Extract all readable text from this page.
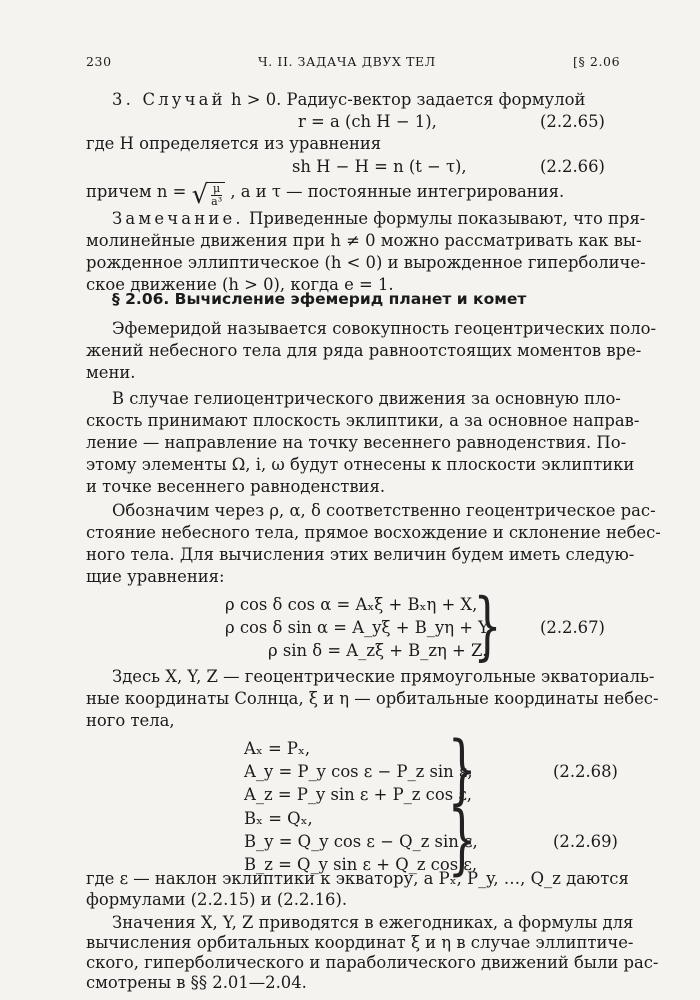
230	Ч. II. ЗАДАЧА ДВУХ ТЕЛ	[§ 2.06
3. Случай h > 0. Радиус-вектор задается формулой
r = a (ch H − 1),	(2.2.65)
где H определяется из уравнения
sh H − H = n (t − τ),	(2.2.66)
причем n = √ $\frac{\mu}{\text{a³}}$ , a и τ — постоянные интегрирования.
Замечание. Приведенные формулы показывают, что пря-
молинейные движения при h ≠ 0 можно рассматривать как вы-
рожденное эллиптическое (h < 0) и вырожденное гиперболиче-
ское движение (h > 0), когда e = 1.
§ 2.06. Вычисление эфемерид планет и комет
Эфемеридой называется совокупность геоцентрических поло-
жений небесного тела для ряда равноотстоящих моментов вре-
мени.
В случае гелиоцентрического движения за основную пло-
скость принимают плоскость эклиптики, а за основное направ-
ление — направление на точку весеннего равноденствия. По-
этому элементы Ω, i, ω будут отнесены к плоскости эклиптики
и точке весеннего равноденствия.
Обозначим через ρ, α, δ соответственно геоцентрическое рас-
стояние небесного тела, прямое восхождение и склонение небес-
ного тела. Для вычисления этих величин будем иметь следую-
щие уравнения:
ρ cos δ cos α = Aₓξ + Bₓη + X,
ρ cos δ sin α = A_yξ + B_yη + Y,
ρ sin δ = A_zξ + B_zη + Z.
} (2.2.67)
Здесь X, Y, Z — геоцентрические прямоугольные экваториаль-
ные координаты Солнца, ξ и η — орбитальные координаты небес-
ного тела,
Aₓ = Pₓ,
A_y = P_y cos ε − P_z sin ε,
A_z = P_y sin ε + P_z cos ε,
}	(2.2.68)
Bₓ = Qₓ,
B_y = Q_y cos ε − Q_z sin ε,
B_z = Q_y sin ε + Q_z cos ε,
}	(2.2.69)
где ε — наклон эклиптики к экватору, а Pₓ, P_y, …, Q_z даются
формулами (2.2.15) и (2.2.16).
Значения X, Y, Z приводятся в ежегодниках, а формулы для
вычисления орбитальных координат ξ и η в случае эллиптиче-
ского, гиперболического и параболического движений были рас-
смотрены в §§ 2.01—2.04.
